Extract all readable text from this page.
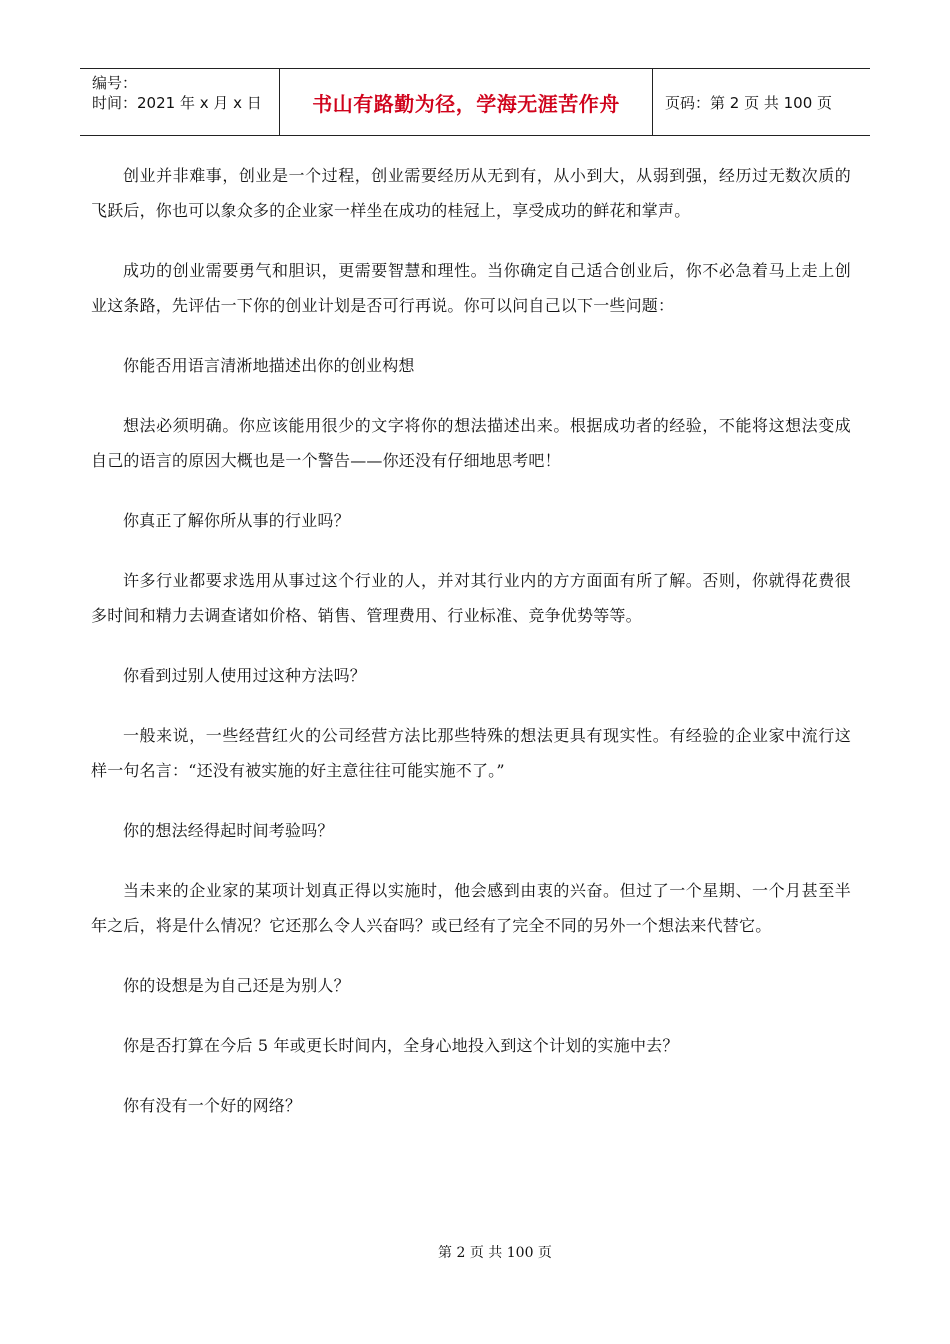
编号：
时间：2021 年 x 月 x 日	书山有路勤为径，学海无涯苦作舟	页码：第 2 页 共 100 页

创业并非难事，创业是一个过程，创业需要经历从无到有，从小到大，从弱到强，经历过无数次质的飞跃后，你也可以象众多的企业家一样坐在成功的桂冠上，享受成功的鲜花和掌声。

成功的创业需要勇气和胆识，更需要智慧和理性。当你确定自己适合创业后，你不必急着马上走上创业这条路，先评估一下你的创业计划是否可行再说。你可以问自己以下一些问题：

你能否用语言清淅地描述出你的创业构想

想法必须明确。你应该能用很少的文字将你的想法描述出来。根据成功者的经验，不能将这想法变成自己的语言的原因大概也是一个警告——你还没有仔细地思考吧！

你真正了解你所从事的行业吗？

许多行业都要求选用从事过这个行业的人，并对其行业内的方方面面有所了解。否则，你就得花费很多时间和精力去调查诸如价格、销售、管理费用、行业标准、竞争优势等等。

你看到过别人使用过这种方法吗？

一般来说，一些经营红火的公司经营方法比那些特殊的想法更具有现实性。有经验的企业家中流行这样一句名言：“还没有被实施的好主意往往可能实施不了。”

你的想法经得起时间考验吗？

当未来的企业家的某项计划真正得以实施时，他会感到由衷的兴奋。但过了一个星期、一个月甚至半年之后，将是什么情况？它还那么令人兴奋吗？或已经有了完全不同的另外一个想法来代替它。

你的设想是为自己还是为别人？

你是否打算在今后 5 年或更长时间内，全身心地投入到这个计划的实施中去？

你有没有一个好的网络？

第 2 页 共 100 页
